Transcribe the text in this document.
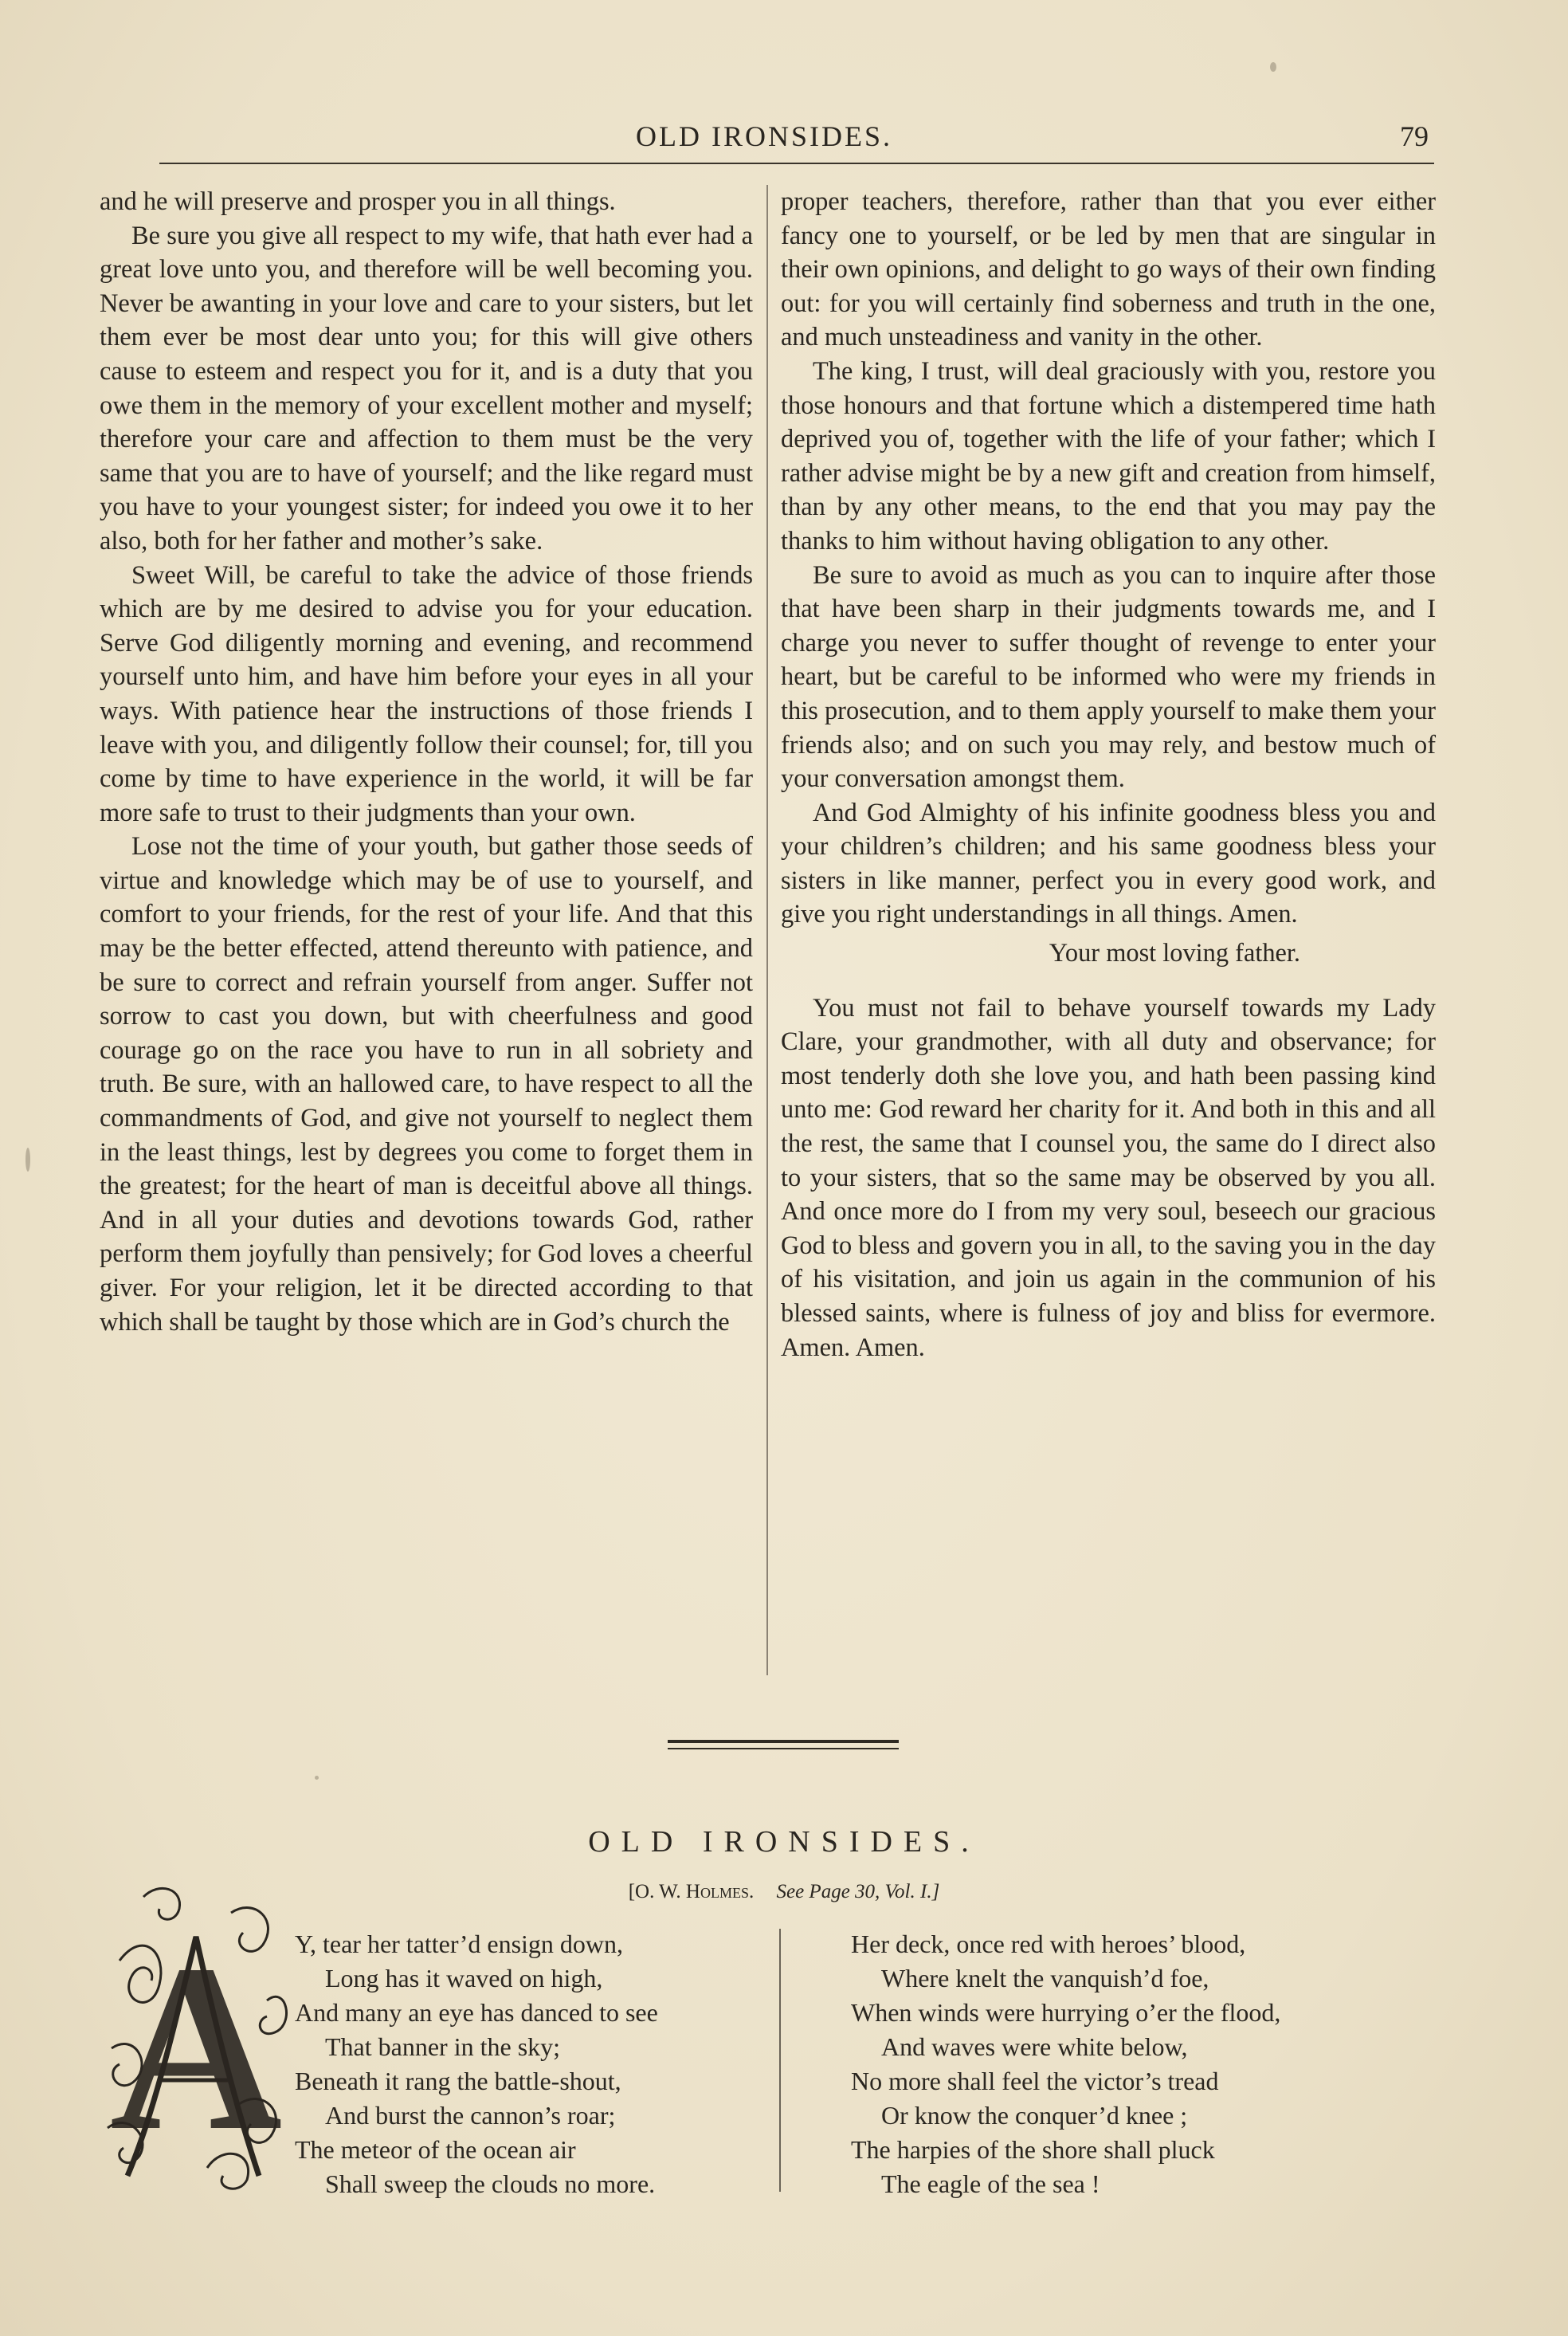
OLD IRONSIDES.	79

and he will preserve and prosper you in all things.

Be sure you give all respect to my wife, that hath ever had a great love unto you, and therefore will be well becoming you. Never be awanting in your love and care to your sisters, but let them ever be most dear unto you; for this will give others cause to esteem and respect you for it, and is a duty that you owe them in the memory of your excellent mother and myself; therefore your care and affection to them must be the very same that you are to have of yourself; and the like regard must you have to your youngest sister; for indeed you owe it to her also, both for her father and mother’s sake.

Sweet Will, be careful to take the advice of those friends which are by me desired to advise you for your education. Serve God diligently morning and evening, and recommend yourself unto him, and have him before your eyes in all your ways. With patience hear the instructions of those friends I leave with you, and diligently follow their counsel; for, till you come by time to have experience in the world, it will be far more safe to trust to their judgments than your own.

Lose not the time of your youth, but gather those seeds of virtue and knowledge which may be of use to yourself, and comfort to your friends, for the rest of your life. And that this may be the better effected, attend thereunto with patience, and be sure to correct and refrain yourself from anger. Suffer not sorrow to cast you down, but with cheerfulness and good courage go on the race you have to run in all sobriety and truth. Be sure, with an hallowed care, to have respect to all the commandments of God, and give not yourself to neglect them in the least things, lest by degrees you come to forget them in the greatest; for the heart of man is deceitful above all things. And in all your duties and devotions towards God, rather perform them joyfully than pensively; for God loves a cheerful giver. For your religion, let it be directed according to that which shall be taught by those which are in God’s church the

proper teachers, therefore, rather than that you ever either fancy one to yourself, or be led by men that are singular in their own opinions, and delight to go ways of their own finding out: for you will certainly find soberness and truth in the one, and much unsteadiness and vanity in the other.

The king, I trust, will deal graciously with you, restore you those honours and that fortune which a distempered time hath deprived you of, together with the life of your father; which I rather advise might be by a new gift and creation from himself, than by any other means, to the end that you may pay the thanks to him without having obligation to any other.

Be sure to avoid as much as you can to inquire after those that have been sharp in their judgments towards me, and I charge you never to suffer thought of revenge to enter your heart, but be careful to be informed who were my friends in this prosecution, and to them apply yourself to make them your friends also; and on such you may rely, and bestow much of your conversation amongst them.

And God Almighty of his infinite goodness bless you and your children’s children; and his same goodness bless your sisters in like manner, perfect you in every good work, and give you right understandings in all things. Amen.

Your most loving father.

You must not fail to behave yourself towards my Lady Clare, your grandmother, with all duty and observance; for most tenderly doth she love you, and hath been passing kind unto me: God reward her charity for it. And both in this and all the rest, the same that I counsel you, the same do I direct also to your sisters, that so the same may be observed by you all. And once more do I from my very soul, beseech our gracious God to bless and govern you in all, to the saving you in the day of his visitation, and join us again in the communion of his blessed saints, where is fulness of joy and bliss for evermore. Amen. Amen.

OLD IRONSIDES.
[O. W. Holmes. See Page 30, Vol. I.]
A Y, tear her tatter’d ensign down,
Long has it waved on high,
And many an eye has danced to see
That banner in the sky;
Beneath it rang the battle-shout,
And burst the cannon’s roar;
The meteor of the ocean air
Shall sweep the clouds no more.
Her deck, once red with heroes’ blood,
Where knelt the vanquish’d foe,
When winds were hurrying o’er the flood,
And waves were white below,
No more shall feel the victor’s tread
Or know the conquer’d knee ;
The harpies of the shore shall pluck
The eagle of the sea !
